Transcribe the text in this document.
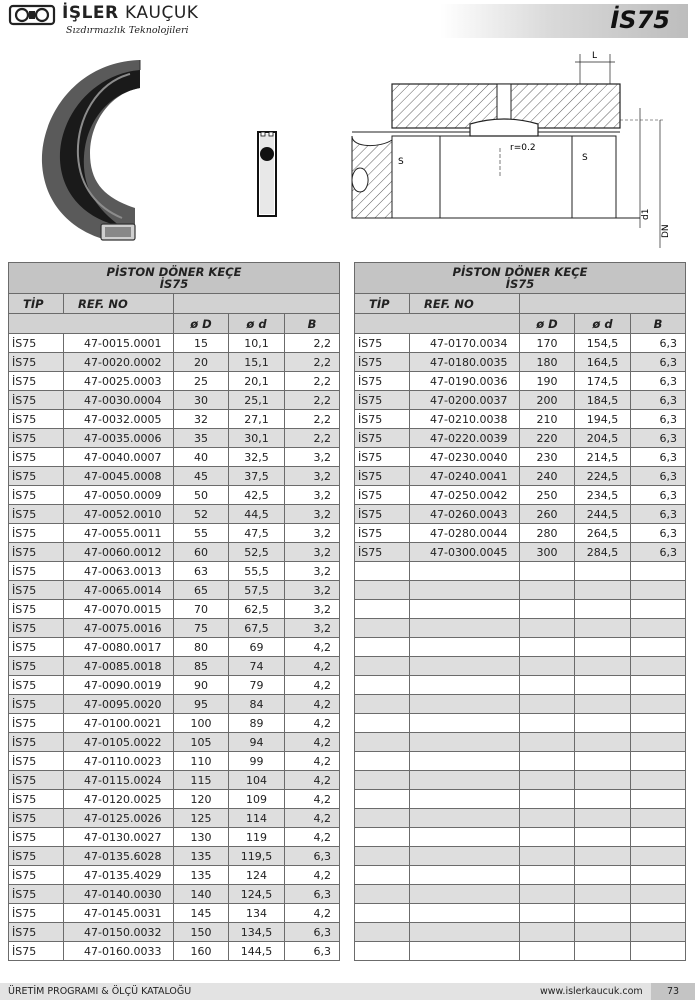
İŞLER KAUÇUK
Sızdırmazlık Teknolojileri	İS75
L
S	S
r=0.2
d1
DN
PİSTON DÖNER KEÇE
İS75				
TİP	REF. NO			
		ø D	ø d	B
İS75	47-0015.0001	15	10,1	2,2
İS75	47-0020.0002	20	15,1	2,2
İS75	47-0025.0003	25	20,1	2,2
İS75	47-0030.0004	30	25,1	2,2
İS75	47-0032.0005	32	27,1	2,2
İS75	47-0035.0006	35	30,1	2,2
İS75	47-0040.0007	40	32,5	3,2
İS75	47-0045.0008	45	37,5	3,2
İS75	47-0050.0009	50	42,5	3,2
İS75	47-0052.0010	52	44,5	3,2
İS75	47-0055.0011	55	47,5	3,2
İS75	47-0060.0012	60	52,5	3,2
İS75	47-0063.0013	63	55,5	3,2
İS75	47-0065.0014	65	57,5	3,2
İS75	47-0070.0015	70	62,5	3,2
İS75	47-0075.0016	75	67,5	3,2
İS75	47-0080.0017	80	69	4,2
İS75	47-0085.0018	85	74	4,2
İS75	47-0090.0019	90	79	4,2
İS75	47-0095.0020	95	84	4,2
İS75	47-0100.0021	100	89	4,2
İS75	47-0105.0022	105	94	4,2
İS75	47-0110.0023	110	99	4,2
İS75	47-0115.0024	115	104	4,2
İS75	47-0120.0025	120	109	4,2
İS75	47-0125.0026	125	114	4,2
İS75	47-0130.0027	130	119	4,2
İS75	47-0135.6028	135	119,5	6,3
İS75	47-0135.4029	135	124	4,2
İS75	47-0140.0030	140	124,5	6,3
İS75	47-0145.0031	145	134	4,2
İS75	47-0150.0032	150	134,5	6,3
İS75	47-0160.0033	160	144,5	6,3
PİSTON DÖNER KEÇE
İS75				
TİP	REF. NO			
		ø D	ø d	B
İS75	47-0170.0034	170	154,5	6,3
İS75	47-0180.0035	180	164,5	6,3
İS75	47-0190.0036	190	174,5	6,3
İS75	47-0200.0037	200	184,5	6,3
İS75	47-0210.0038	210	194,5	6,3
İS75	47-0220.0039	220	204,5	6,3
İS75	47-0230.0040	230	214,5	6,3
İS75	47-0240.0041	240	224,5	6,3
İS75	47-0250.0042	250	234,5	6,3
İS75	47-0260.0043	260	244,5	6,3
İS75	47-0280.0044	280	264,5	6,3
İS75	47-0300.0045	300	284,5	6,3

ÜRETİM PROGRAMI & ÖLÇÜ KATALOĞU	www.islerkaucuk.com	73
